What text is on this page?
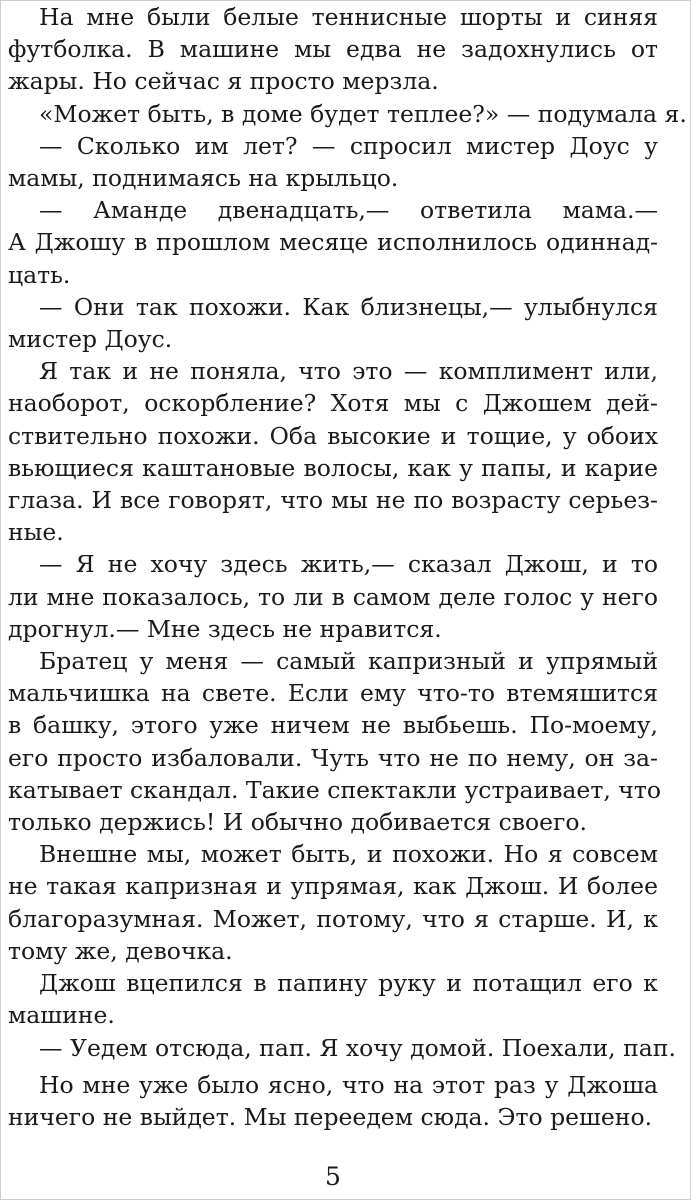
На мне были белые теннисные шорты и синяя
футболка. В машине мы едва не задохнулись от
жары. Но сейчас я просто мерзла.
«Может быть, в доме будет теплее?» — подумала я.
— Сколько им лет? — спросил мистер Доус у
мамы, поднимаясь на крыльцо.
— Аманде двенадцать,— ответила мама.—
А Джошу в прошлом месяце исполнилось одиннад-
цать.
— Они так похожи. Как близнецы,— улыбнулся
мистер Доус.
Я так и не поняла, что это — комплимент или,
наоборот, оскорбление? Хотя мы с Джошем дей-
ствительно похожи. Оба высокие и тощие, у обоих
вьющиеся каштановые волосы, как у папы, и карие
глаза. И все говорят, что мы не по возрасту серьез-
ные.
— Я не хочу здесь жить,— сказал Джош, и то
ли мне показалось, то ли в самом деле голос у него
дрогнул.— Мне здесь не нравится.
Братец у меня — самый капризный и упрямый
мальчишка на свете. Если ему что-то втемяшится
в башку, этого уже ничем не выбьешь. По-моему,
его просто избаловали. Чуть что не по нему, он за-
катывает скандал. Такие спектакли устраивает, что
только держись! И обычно добивается своего.
Внешне мы, может быть, и похожи. Но я совсем
не такая капризная и упрямая, как Джош. И более
благоразумная. Может, потому, что я старше. И, к
тому же, девочка.
Джош вцепился в папину руку и потащил его к
машине.
— Уедем отсюда, пап. Я хочу домой. Поехали, пап.
Но мне уже было ясно, что на этот раз у Джоша
ничего не выйдет. Мы переедем сюда. Это решено.
5
